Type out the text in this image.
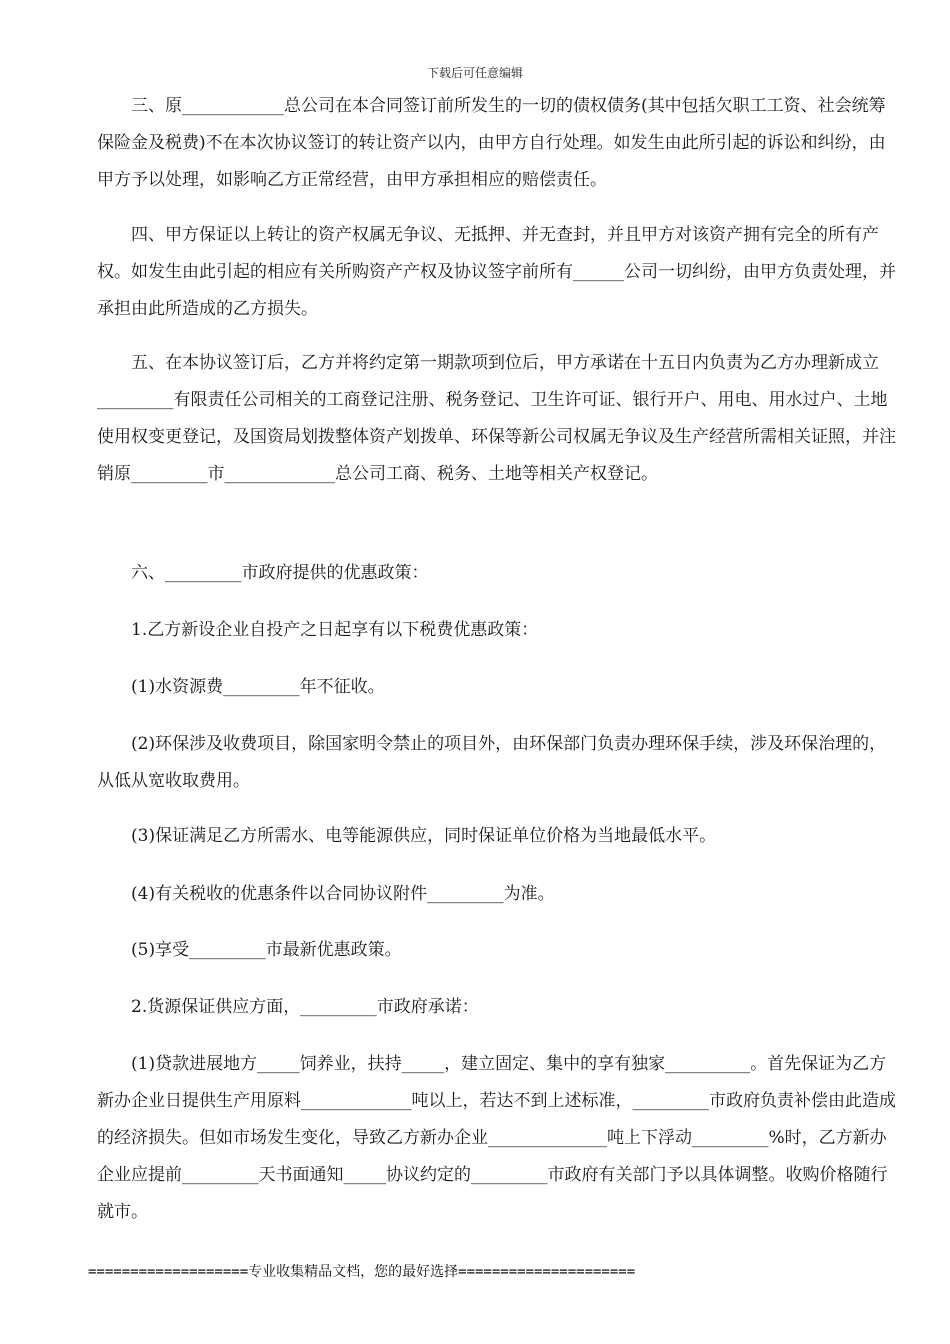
下载后可任意编辑

　　三、原____________总公司在本合同签订前所发生的一切的债权债务(其中包括欠职工工资、社会统筹保险金及税费)不在本次协议签订的转让资产以内，由甲方自行处理。如发生由此所引起的诉讼和纠纷，由甲方予以处理，如影响乙方正常经营，由甲方承担相应的赔偿责任。

　　四、甲方保证以上转让的资产权属无争议、无抵押、并无查封，并且甲方对该资产拥有完全的所有产权。如发生由此引起的相应有关所购资产产权及协议签字前所有______公司一切纠纷，由甲方负责处理，并承担由此所造成的乙方损失。

　　五、在本协议签订后，乙方并将约定第一期款项到位后，甲方承诺在十五日内负责为乙方办理新成立_________有限责任公司相关的工商登记注册、税务登记、卫生许可证、银行开户、用电、用水过户、土地使用权变更登记，及国资局划拨整体资产划拨单、环保等新公司权属无争议及生产经营所需相关证照，并注销原_________市_____________总公司工商、税务、土地等相关产权登记。

　　六、_________市政府提供的优惠政策：

　　1.乙方新设企业自投产之日起享有以下税费优惠政策：

　　(1)水资源费_________年不征收。

　　(2)环保涉及收费项目，除国家明令禁止的项目外，由环保部门负责办理环保手续，涉及环保治理的，从低从宽收取费用。

　　(3)保证满足乙方所需水、电等能源供应，同时保证单位价格为当地最低水平。

　　(4)有关税收的优惠条件以合同协议附件_________为准。

　　(5)享受_________市最新优惠政策。

　　2.货源保证供应方面，_________市政府承诺：

　　(1)贷款进展地方_____饲养业，扶持_____，建立固定、集中的享有独家__________。首先保证为乙方新办企业日提供生产用原料_____________吨以上，若达不到上述标准，_________市政府负责补偿由此造成的经济损失。但如市场发生变化，导致乙方新办企业______________吨上下浮动_________%时，乙方新办企业应提前_________天书面通知_____协议约定的_________市政府有关部门予以具体调整。收购价格随行就市。

===================专业收集精品文档，您的最好选择=====================
